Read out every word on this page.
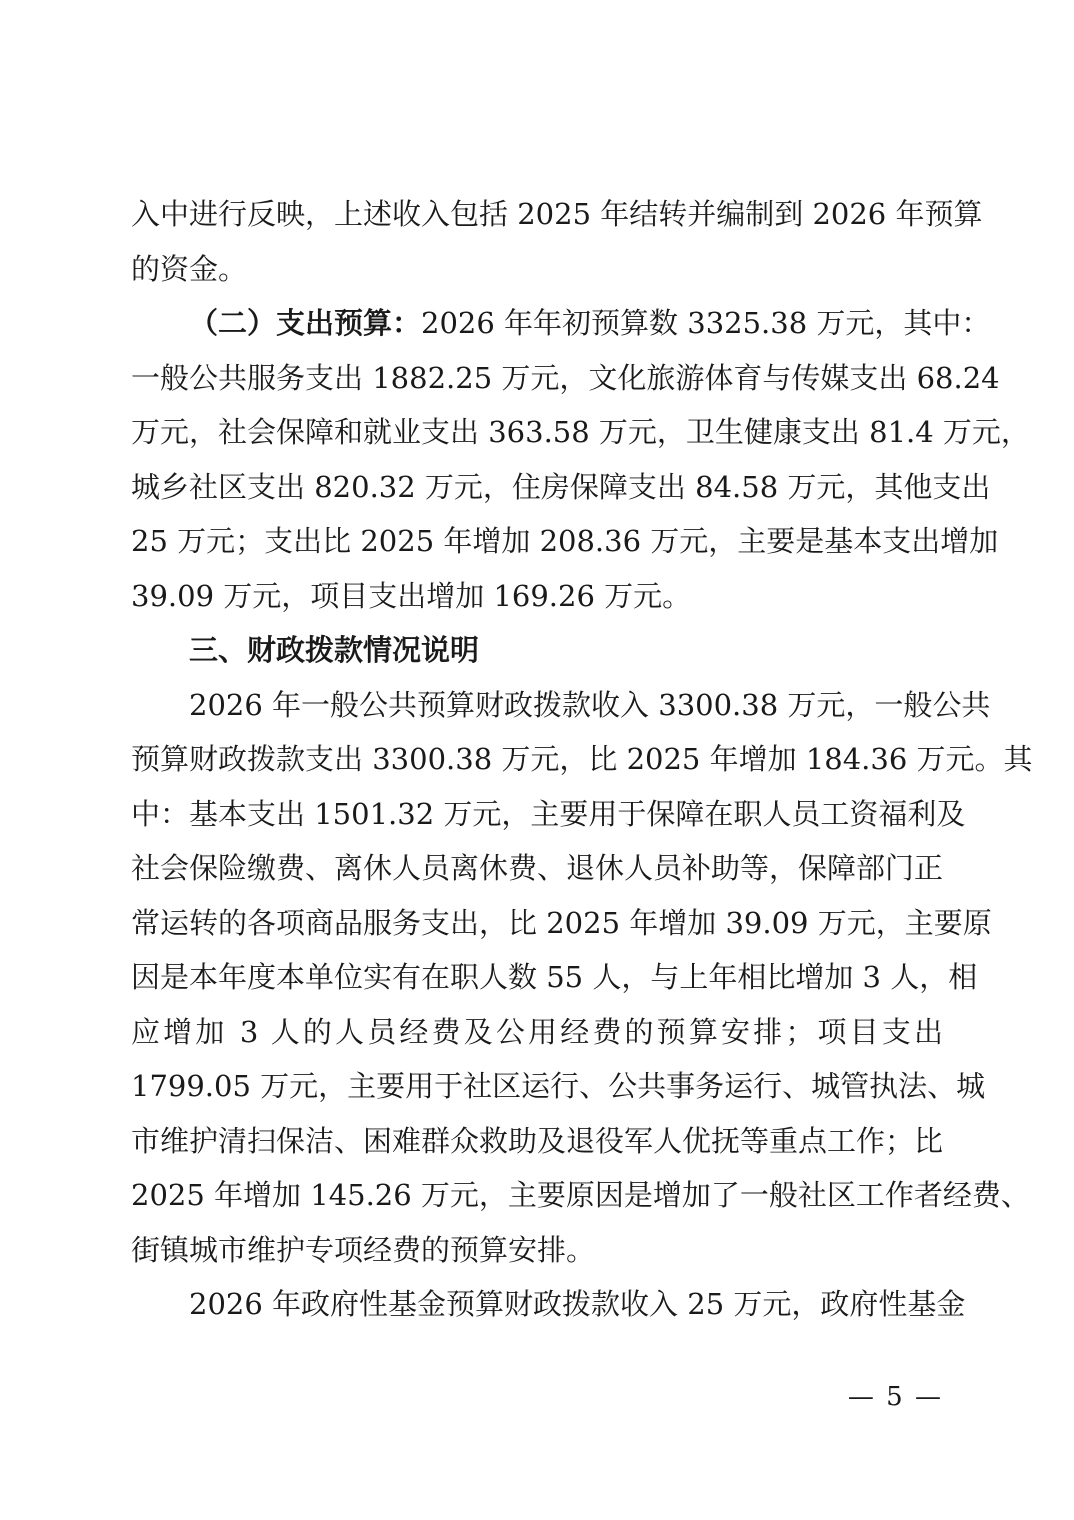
入中进行反映，上述收入包括 2025 年结转并编制到 2026 年预算
的资金。
（二）支出预算：2026 年年初预算数 3325.38 万元，其中：
一般公共服务支出 1882.25 万元，文化旅游体育与传媒支出 68.24
万元，社会保障和就业支出 363.58 万元，卫生健康支出 81.4 万元，
城乡社区支出 820.32 万元，住房保障支出 84.58 万元，其他支出
25 万元；支出比 2025 年增加 208.36 万元，主要是基本支出增加
39.09 万元，项目支出增加 169.26 万元。
三、财政拨款情况说明
2026 年一般公共预算财政拨款收入 3300.38 万元，一般公共
预算财政拨款支出 3300.38 万元，比 2025 年增加 184.36 万元。其
中：基本支出 1501.32 万元，主要用于保障在职人员工资福利及
社会保险缴费、离休人员离休费、退休人员补助等，保障部门正
常运转的各项商品服务支出，比 2025 年增加 39.09 万元，主要原
因是本年度本单位实有在职人数 55 人，与上年相比增加 3 人，相
应增加 3 人的人员经费及公用经费的预算安排；项目支出
1799.05 万元，主要用于社区运行、公共事务运行、城管执法、城
市维护清扫保洁、困难群众救助及退役军人优抚等重点工作；比
2025 年增加 145.26 万元，主要原因是增加了一般社区工作者经费、
街镇城市维护专项经费的预算安排。
2026 年政府性基金预算财政拨款收入 25 万元，政府性基金
— 5 —
